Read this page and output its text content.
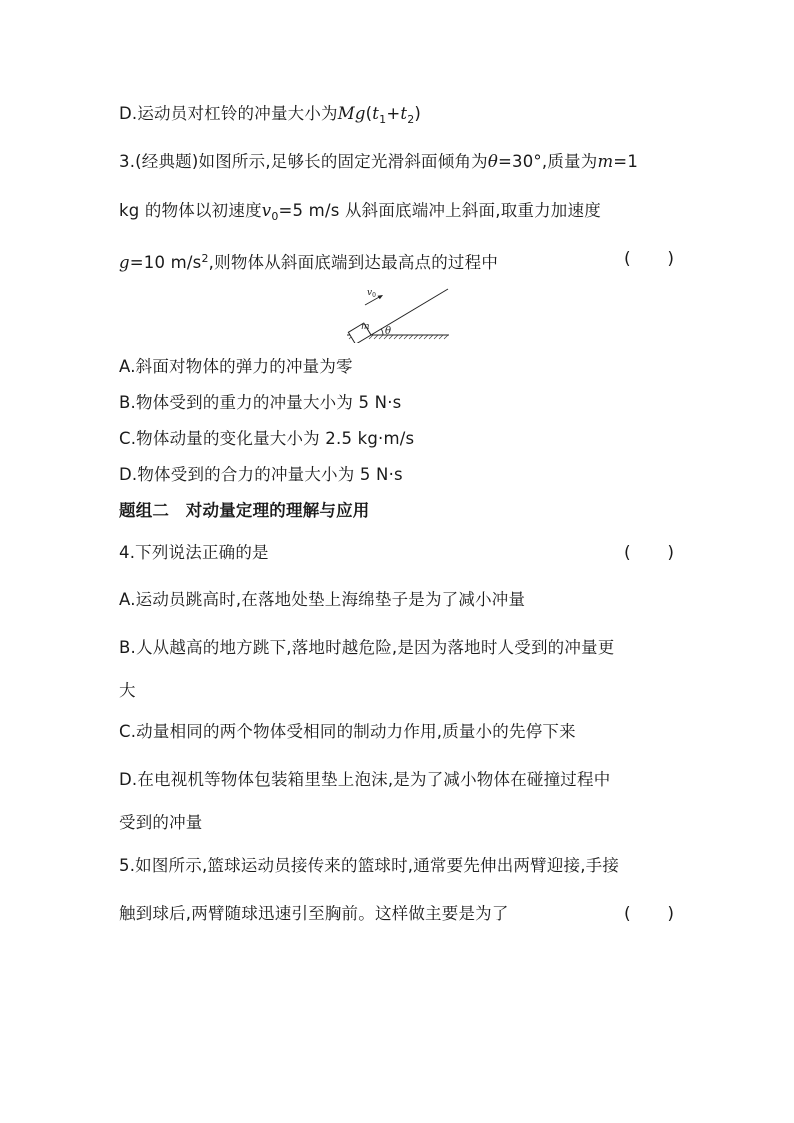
D.运动员对杠铃的冲量大小为$Mg(t_1+t_2)$
3.(经典题)如图所示,足够长的固定光滑斜面倾角为θ=30°,质量为m=1
kg 的物体以初速度$v_0=5$ m/s 从斜面底端冲上斜面,取重力加速度
g=10 $m/s^2$,则物体从斜面底端到达最高点的过程中	( )
θ
m
$v_0$
A.斜面对物体的弹力的冲量为零
B.物体受到的重力的冲量大小为 5 N·s
C.物体动量的变化量大小为 2.5 kg·m/s
D.物体受到的合力的冲量大小为 5 N·s
题组二　对动量定理的理解与应用
4.下列说法正确的是	( )
A.运动员跳高时,在落地处垫上海绵垫子是为了减小冲量
B.人从越高的地方跳下,落地时越危险,是因为落地时人受到的冲量更
大
C.动量相同的两个物体受相同的制动力作用,质量小的先停下来
D.在电视机等物体包装箱里垫上泡沫,是为了减小物体在碰撞过程中
受到的冲量
5.如图所示,篮球运动员接传来的篮球时,通常要先伸出两臂迎接,手接
触到球后,两臂随球迅速引至胸前。这样做主要是为了	( )
